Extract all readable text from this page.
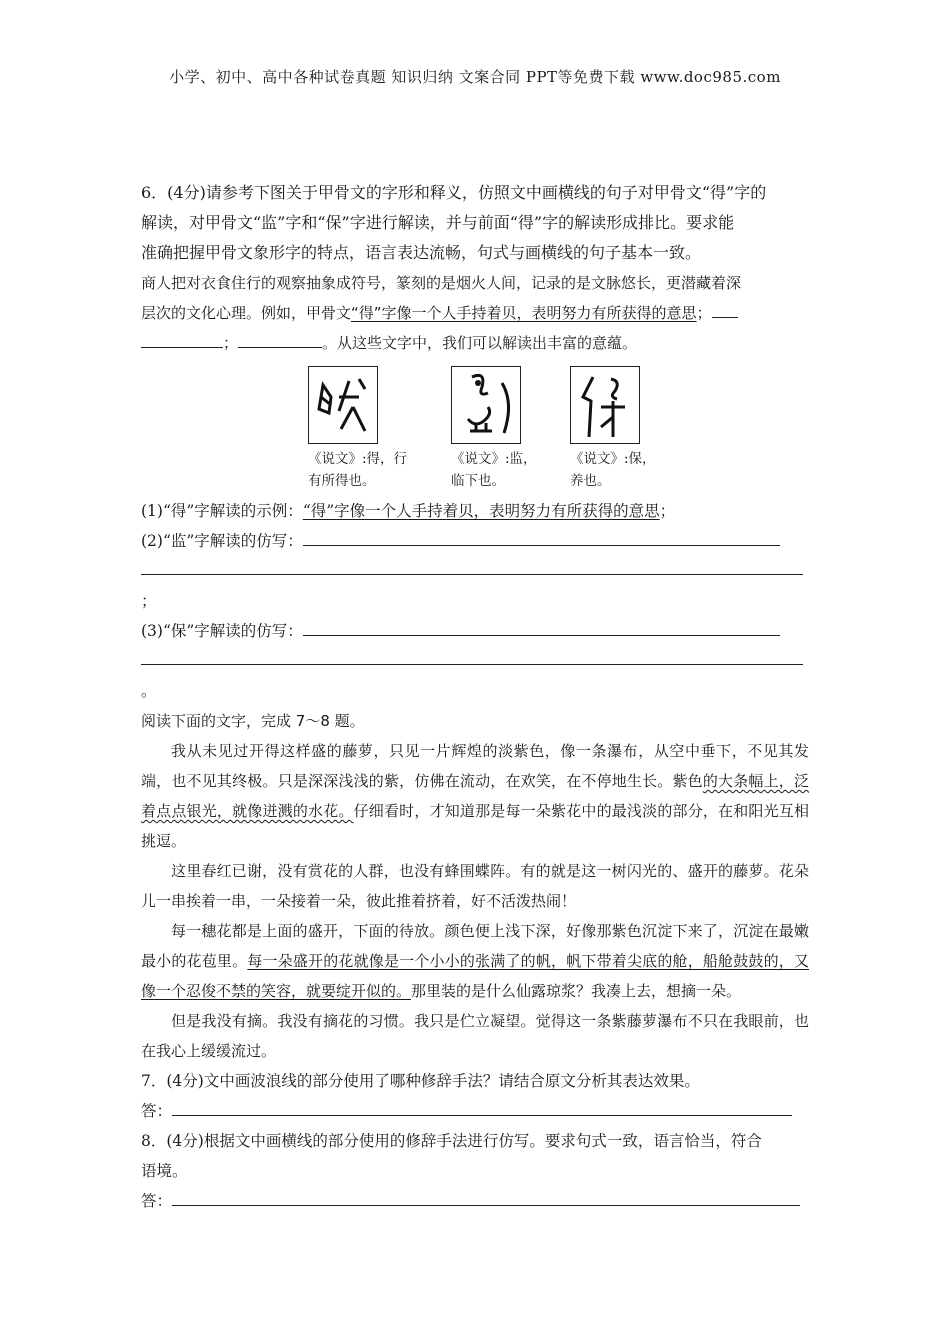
小学、初中、高中各种试卷真题 知识归纳 文案合同 PPT等免费下载 www.doc985.com
6．(4分)请参考下图关于甲骨文的字形和释义，仿照文中画横线的句子对甲骨文“得”字的
解读，对甲骨文“监”字和“保”字进行解读，并与前面“得”字的解读形成排比。要求能
准确把握甲骨文象形字的特点，语言表达流畅，句式与画横线的句子基本一致。
商人把对衣食住行的观察抽象成符号，篆刻的是烟火人间，记录的是文脉悠长，更潜藏着深
层次的文化心理。例如，甲骨文“得”字像一个人手持着贝，表明努力有所获得的意思；
；	。从这些文字中，我们可以解读出丰富的意蕴。
《说文》:得，行
有所得也。
《说文》:监，
临下也。
《说文》:保，
养也。
(1)“得”字解读的示例：“得”字像一个人手持着贝，表明努力有所获得的意思；
(2)“监”字解读的仿写：
；
(3)“保”字解读的仿写：
。
阅读下面的文字，完成 7～8 题。
我从未见过开得这样盛的藤萝，只见一片辉煌的淡紫色，像一条瀑布，从空中垂下，不见其发端，也不见其终极。只是深深浅浅的紫，仿佛在流动，在欢笑，在不停地生长。紫色的大条幅上，泛着点点银光，就像迸溅的水花。仔细看时，才知道那是每一朵紫花中的最浅淡的部分，在和阳光互相挑逗。
这里春红已谢，没有赏花的人群，也没有蜂围蝶阵。有的就是这一树闪光的、盛开的藤萝。花朵儿一串挨着一串，一朵接着一朵，彼此推着挤着，好不活泼热闹！
每一穗花都是上面的盛开，下面的待放。颜色便上浅下深，好像那紫色沉淀下来了，沉淀在最嫩最小的花苞里。每一朵盛开的花就像是一个小小的张满了的帆，帆下带着尖底的舱，船舱鼓鼓的，又像一个忍俊不禁的笑容，就要绽开似的。那里装的是什么仙露琼浆？我凑上去，想摘一朵。
但是我没有摘。我没有摘花的习惯。我只是伫立凝望。觉得这一条紫藤萝瀑布不只在我眼前，也在我心上缓缓流过。
7．(4分)文中画波浪线的部分使用了哪种修辞手法？请结合原文分析其表达效果。
答：
8．(4分)根据文中画横线的部分使用的修辞手法进行仿写。要求句式一致，语言恰当，符合
语境。
答：
